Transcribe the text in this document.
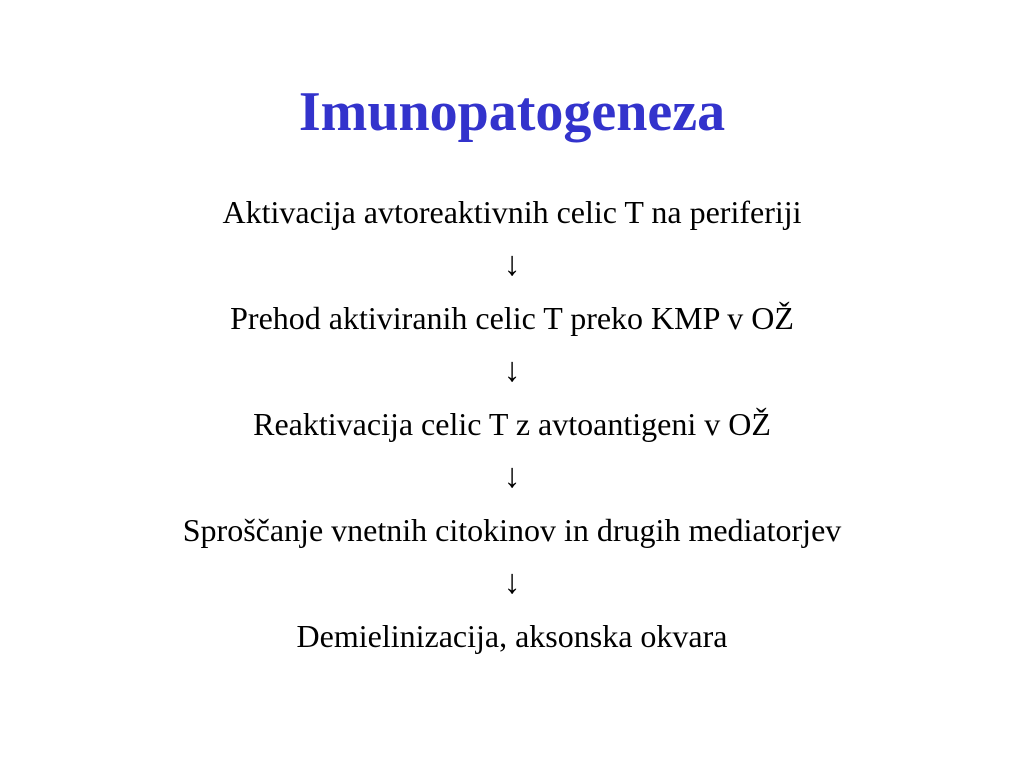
Imunopatogeneza
Aktivacija avtoreaktivnih celic T na periferiji
↓
Prehod aktiviranih celic T preko KMP v OŽ
↓
Reaktivacija celic T z avtoantigeni v OŽ
↓
Sproščanje vnetnih citokinov in drugih mediatorjev
↓
Demielinizacija, aksonska okvara
